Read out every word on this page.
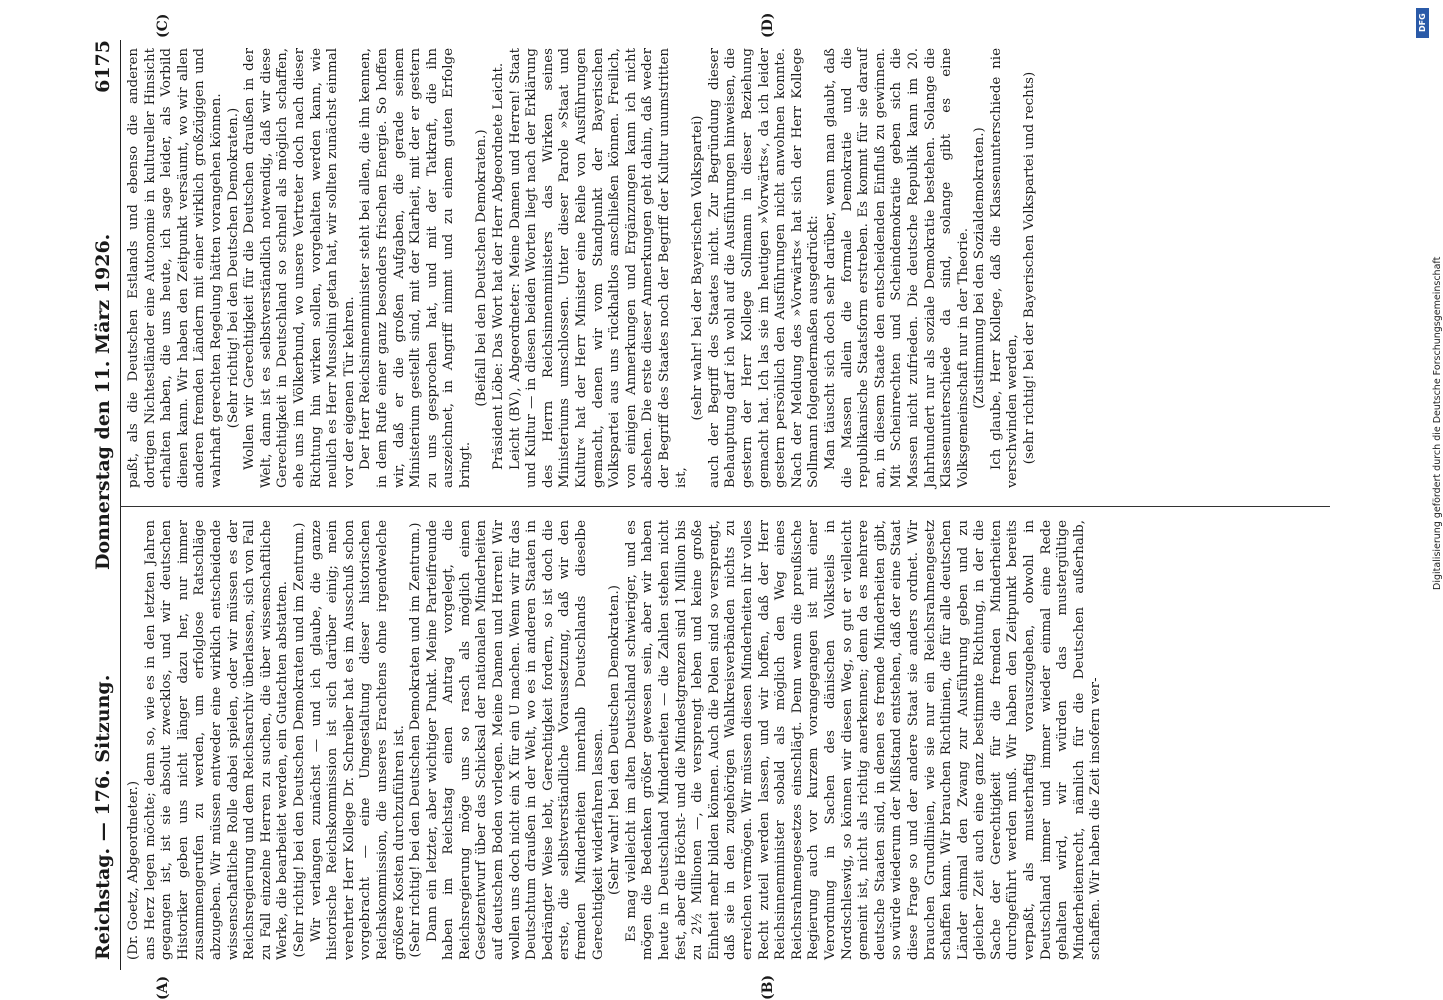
Reichstag. — 176. Sitzung.
Donnerstag den 11. März 1926.
6175

(Dr. Goetz, Abgeordneter.) ans Herz legen möchte; denn so, wie es in den letzten Jahren gegangen ist, ist sie absolut zwecklos, und wir deutschen Historiker geben uns nicht länger dazu her, nur immer zusammengerufen zu werden, um erfolglose Ratschläge abzugeben. Wir müssen entweder eine wirklich entscheidende wissenschaftliche Rolle dabei spielen, oder wir müssen es der Reichsregierung und dem Reichsarchiv überlassen, sich von Fall zu Fall einzelne Herren zu suchen, die über wissenschaftliche Werke, die bearbeitet werden, ein Gutachten abstatten. (Sehr richtig! bei den Deutschen Demokraten und im Zentrum.) Wir verlangen zunächst — und ich glaube, die ganze historische Reichskommission ist sich darüber einig; mein verehrter Herr Kollege Dr. Schreiber hat es im Ausschuß schon vorgebracht — eine Umgestaltung dieser historischen Reichskommission, die unseres Erachtens ohne irgendwelche größere Kosten durchzuführen ist. (Sehr richtig! bei den Deutschen Demokraten und im Zentrum.) Dann ein letzter, aber wichtiger Punkt. Meine Parteifreunde haben im Reichstag einen Antrag vorgelegt, die Reichsregierung möge uns so rasch als möglich einen Gesetzentwurf über das Schicksal der nationalen Minderheiten auf deutschem Boden vorlegen. Meine Damen und Herren! Wir wollen uns doch nicht ein X für ein U machen. Wenn wir für das Deutschtum draußen in der Welt, wo es in anderen Staaten in bedrängter Weise lebt, Gerechtigkeit fordern, so ist doch die erste, die selbstverständliche Voraussetzung, daß wir den fremden Minderheiten innerhalb Deutschlands dieselbe Gerechtigkeit widerfahren lassen. (Sehr wahr! bei den Deutschen Demokraten.) Es mag vielleicht im alten Deutschland schwieriger, und es mögen die Bedenken größer gewesen sein, aber wir haben heute in Deutschland Minderheiten — die Zahlen stehen nicht fest, aber die Höchst- und die Mindestgrenzen sind 1 Million bis zu 2½ Millionen —, die versprengt leben und keine große Einheit mehr bilden können. Auch die Polen sind so versprengt, daß sie in den zugehörigen Wahlkreisverbänden nichts zu erreichen vermögen. Wir müssen diesen Minderheiten ihr volles Recht zuteil werden lassen, und wir hoffen, daß der Herr Reichsinnenminister sobald als möglich den Weg eines Reichsrahmengesetzes einschlägt. Denn wenn die preußische Regierung auch vor kurzem vorangegangen ist mit einer Verordnung in Sachen des dänischen Volksteils in Nordschleswig, so können wir diesen Weg, so gut er vielleicht gemeint ist, nicht als richtig anerkennen; denn da es mehrere deutsche Staaten sind, in denen es fremde Minderheiten gibt, so würde wiederum der Mißstand entstehen, daß der eine Staat diese Frage so und der andere Staat sie anders ordnet. Wir brauchen Grundlinien, wie sie nur ein Reichsrahmengesetz schaffen kann. Wir brauchen Richtlinien, die für alle deutschen Länder einmal den Zwang zur Ausführung geben und zu gleicher Zeit auch eine ganz bestimmte Richtung, in der die Sache der Gerechtigkeit für die fremden Minderheiten durchgeführt werden muß. Wir haben den Zeitpunkt bereits verpaßt, als musterhaftig vorauszugehen, obwohl in Deutschland immer und immer wieder einmal eine Rede gehalten wird, wir würden das mustergültige Minderheitenrecht, nämlich für die Deutschen außerhalb, schaffen. Wir haben die Zeit insofern ver-

paßt, als die Deutschen Estlands und ebenso die anderen dortigen Nichtestländer eine Autonomie in kultureller Hinsicht erhalten haben, die uns heute, ich sage leider, als Vorbild dienen kann. Wir haben den Zeitpunkt versäumt, wo wir allen anderen fremden Ländern mit einer wirklich großzügigen und wahrhaft gerechten Regelung hätten vorangehen können. (Sehr richtig! bei den Deutschen Demokraten.) Wollen wir Gerechtigkeit für die Deutschen draußen in der Welt, dann ist es selbstverständlich notwendig, daß wir diese Gerechtigkeit in Deutschland so schnell als möglich schaffen, ehe uns im Völkerbund, wo unsere Vertreter doch nach dieser Richtung hin wirken sollen, vorgehalten werden kann, wie neulich es Herr Mussolini getan hat, wir sollten zunächst einmal vor der eigenen Tür kehren. Der Herr Reichsinnenminister steht bei allen, die ihn kennen, in dem Rufe einer ganz besonders frischen Energie. So hoffen wir, daß er die großen Aufgaben, die gerade seinem Ministerium gestellt sind, mit der Klarheit, mit der er gestern zu uns gesprochen hat, und mit der Tatkraft, die ihn auszeichnet, in Angriff nimmt und zu einem guten Erfolge bringt.

(Beifall bei den Deutschen Demokraten.) Präsident Löbe: Das Wort hat der Herr Abgeordnete Leicht. Leicht (BV), Abgeordneter: Meine Damen und Herren! Staat und Kultur — in diesen beiden Worten liegt nach der Erklärung des Herrn Reichsinnenministers das Wirken seines Ministeriums umschlossen. Unter dieser Parole »Staat und Kultur« hat der Herr Minister eine Reihe von Ausführungen gemacht, denen wir vom Standpunkt der Bayerischen Volkspartei aus uns rückhaltlos anschließen können. Freilich, von einigen Anmerkungen und Ergänzungen kann ich nicht absehen. Die erste dieser Anmerkungen geht dahin, daß weder der Begriff des Staates noch der Begriff der Kultur unumstritten ist,

(sehr wahr! bei der Bayerischen Volkspartei) auch der Begriff des Staates nicht. Zur Begründung dieser Behauptung darf ich wohl auf die Ausführungen hinweisen, die gestern der Herr Kollege Sollmann in dieser Beziehung gemacht hat. Ich las sie im heutigen »Vorwärts«, da ich leider gestern persönlich den Ausführungen nicht anwohnen konnte. Nach der Meldung des »Vorwärts« hat sich der Herr Kollege Sollmann folgendermaßen ausgedrückt: Man täuscht sich doch sehr darüber, wenn man glaubt, daß die Massen allein die formale Demokratie und die republikanische Staatsform erstreben. Es kommt für sie darauf an, in diesem Staate den entscheidenden Einfluß zu gewinnen. Mit Scheinrechten und Scheindemokratie geben sich die Massen nicht zufrieden. Die deutsche Republik kann im 20. Jahrhundert nur als soziale Demokratie bestehen. Solange die Klassenunterschiede da sind, solange gibt es eine Volksgemeinschaft nur in der Theorie. (Zustimmung bei den Sozialdemokraten.) Ich glaube, Herr Kollege, daß die Klassenunterschiede nie verschwinden werden, (sehr richtig! bei der Bayerischen Volkspartei und rechts)

(A)	(B)
(C)	(D)	DFG
Digitalisierung gefördert durch die Deutsche Forschungsgemeinschaft
